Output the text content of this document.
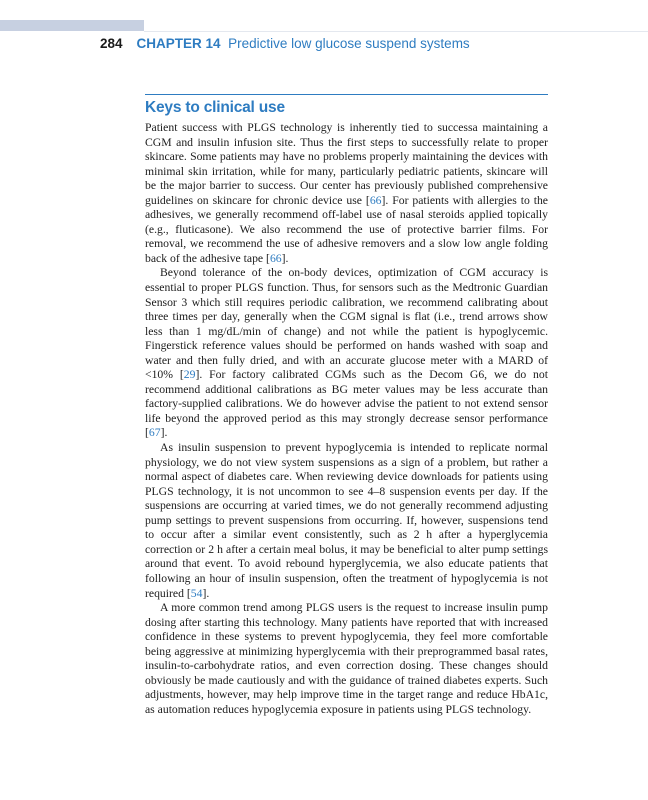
284 CHAPTER 14 Predictive low glucose suspend systems
Keys to clinical use

Patient success with PLGS technology is inherently tied to successa maintaining a CGM and insulin infusion site. Thus the first steps to successfully relate to proper skincare. Some patients may have no problems properly maintaining the devices with minimal skin irritation, while for many, particularly pediatric patients, skincare will be the major barrier to success. Our center has previously published comprehensive guidelines on skincare for chronic device use [66]. For patients with allergies to the adhesives, we generally recommend off-label use of nasal steroids applied topically (e.g., fluticasone). We also recommend the use of protective barrier films. For removal, we recommend the use of adhesive removers and a slow low angle folding back of the adhesive tape [66].

Beyond tolerance of the on-body devices, optimization of CGM accuracy is essential to proper PLGS function. Thus, for sensors such as the Medtronic Guardian Sensor 3 which still requires periodic calibration, we recommend calibrating about three times per day, generally when the CGM signal is flat (i.e., trend arrows show less than 1 mg/dL/min of change) and not while the patient is hypoglycemic. Fingerstick reference values should be performed on hands washed with soap and water and then fully dried, and with an accurate glucose meter with a MARD of <10% [29]. For factory calibrated CGMs such as the Decom G6, we do not recommend additional calibrations as BG meter values may be less accurate than factory-supplied calibrations. We do however advise the patient to not extend sensor life beyond the approved period as this may strongly decrease sensor performance [67].

As insulin suspension to prevent hypoglycemia is intended to replicate normal physiology, we do not view system suspensions as a sign of a problem, but rather a normal aspect of diabetes care. When reviewing device downloads for patients using PLGS technology, it is not uncommon to see 4–8 suspension events per day. If the suspensions are occurring at varied times, we do not generally recommend adjusting pump settings to prevent suspensions from occurring. If, however, suspensions tend to occur after a similar event consistently, such as 2 h after a hyperglycemia correction or 2 h after a certain meal bolus, it may be beneficial to alter pump settings around that event. To avoid rebound hyperglycemia, we also educate patients that following an hour of insulin suspension, often the treatment of hypoglycemia is not required [54].

A more common trend among PLGS users is the request to increase insulin pump dosing after starting this technology. Many patients have reported that with increased confidence in these systems to prevent hypoglycemia, they feel more comfortable being aggressive at minimizing hyperglycemia with their preprogrammed basal rates, insulin-to-carbohydrate ratios, and even correction dosing. These changes should obviously be made cautiously and with the guidance of trained diabetes experts. Such adjustments, however, may help improve time in the target range and reduce HbA1c, as automation reduces hypoglycemia exposure in patients using PLGS technology.
